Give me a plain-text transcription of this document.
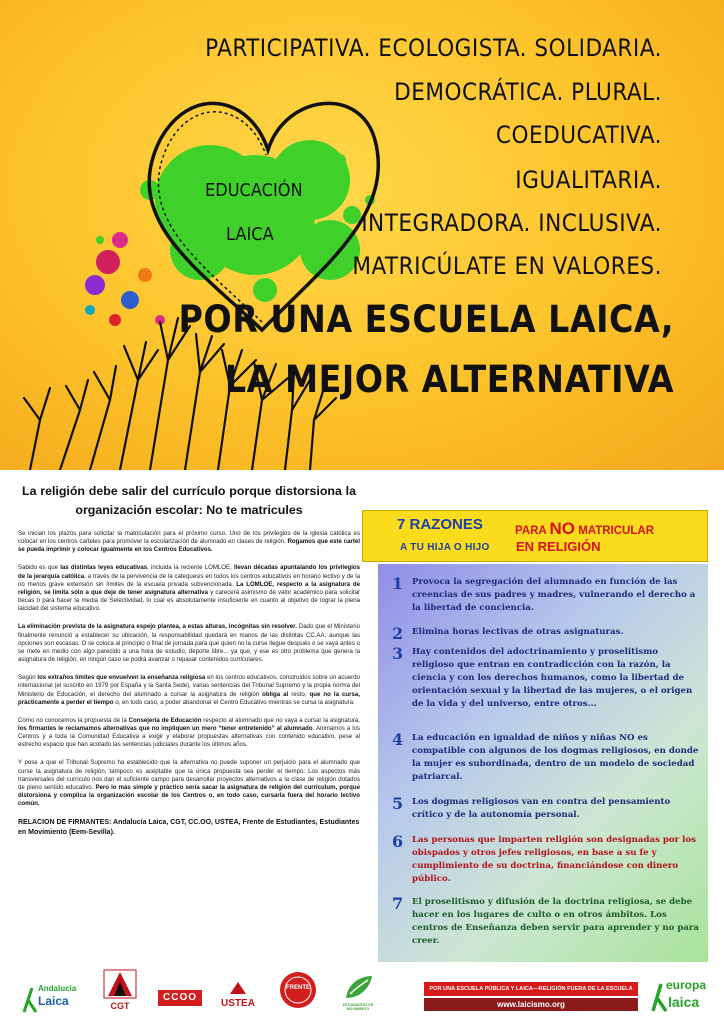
PARTICIPATIVA. ECOLOGISTA. SOLIDARIA.
DEMOCRÁTICA. PLURAL.
COEDUCATIVA.
IGUALITARIA.
INTEGRADORA. INCLUSIVA.
MATRICÚLATE EN VALORES.
EDUCACIÓN
LAICA
POR UNA ESCUELA LAICA,
LA MEJOR ALTERNATIVA
La religión debe salir del currículo porque distorsiona la organización escolar: No te matricules

Se inician los plazos para solicitar la matriculación para el próximo curso. Uno de los privilegios de la iglesia católica es colocar en los centros carteles para promover la escolarización de alumnado en clases de religión. Rogamos que este cartel se pueda imprimir y colocar igualmente en los Centros Educativos.

Sabido es que las distintas leyes educativas, incluida la reciente LOMLOE, llevan décadas apuntalando los privilegios de la jerarquía católica, a través de la pervivencia de la catequesis en todos los centros educativos en horario lectivo y de la no menos grave extensión sin límites de la escuela privada subvencionada. La LOMLOE, respecto a la asignatura de religión, se limita sólo a que deje de tener asignatura alternativa y carecerá asimismo de valor académico para solicitar becas o para hacer la media de Selectividad, lo cual es absolutamente insuficiente en cuanto al objetivo de lograr la plena laicidad del sistema educativo.

La eliminación prevista de la asignatura espejo plantea, a estas alturas, incógnitas sin resolver. Dado que el Ministerio finalmente renunció a establecer su ubicación, la responsabilidad quedará en manos de las distintas CC.AA; aunque las opciones son escasas: O se coloca al principio o final de jornada para que quien no la curse llegue después o se vaya antes o se mete en medio con algo parecido a una hora de estudio, deporte libre... ya que, y ese es otro problema que genera la asignatura de religión, en ningún caso se podrá avanzar o repasar contenidos curriculares.

Según los extraños límites que envuelven la enseñanza religiosa en los centros educativos, construidos sobre un acuerdo internacional (el suscrito en 1979 por España y la Santa Sede), varias sentencias del Tribunal Supremo y la propia norma del Ministerio de Educación, el derecho del alumnado a cursar la asignatura de religión obliga al resto, que no la cursa, prácticamente a perder el tiempo o, en todo caso, a poder abandonar el Centro Educativo mientras se cursa la asignatura.

Como no conocemos la propuesta de la Consejería de Educación respecto al alumnado que no vaya a cursar la asignatura, los firmantes le reclamamos alternativas que no impliquen un mero “tener entretenido” al alumnado. Animamos a los Centros y a toda la Comunidad Educativa a exigir y elaborar propuestas alternativas con contenido educativo, pese al estrecho espacio que han acotado las sentencias judiciales durante los últimos años.

Y pese a que el Tribunal Supremo ha establecido que la alternativa no puede suponer un perjuicio para el alumnado que curse la asignatura de religión, tampoco es aceptable que la única propuesta sea perder el tiempo: Los aspectos más transversales del currículo nos dan el suficiente campo para desarrollar proyectos alternativos a la clase de religión dotados de pleno sentido educativo. Pero lo más simple y práctico sería sacar la asignatura de religión del currículum, porque distorsiona y complica la organización escolar de los Centros o, en todo caso, cursarla fuera del horario lectivo común.

RELACION DE FIRMANTES: Andalucía Laica, CGT, CC.OO, USTEA, Frente de Estudiantes, Estudiantes en Movimiento (Eem-Sevilla).

7 RAZONES	PARA NO MATRICULAR
A TU HIJA O HIJO EN RELIGIÓN
1 Provoca la segregación del alumnado en función de las creencias de sus padres y madres, vulnerando el derecho a la libertad de conciencia.
2 Elimina horas lectivas de otras asignaturas.
3 Hay contenidos del adoctrinamiento y proselitismo religioso que entran en contradicción con la razón, la ciencia y con los derechos humanos, como la libertad de orientación sexual y la libertad de las mujeres, o el origen de la vida y del universo, entre otros...
4 La educación en igualdad de niños y niñas NO es compatible con algunos de los dogmas religiosos, en donde la mujer es subordinada, dentro de un modelo de sociedad patriarcal.
5 Los dogmas religiosos van en contra del pensamiento crítico y de la autonomía personal.
6 Las personas que imparten religión son designadas por los obispados y otros jefes religiosos, en base a su fe y cumplimiento de su doctrina, financiándose con dinero público.
7 El proselitismo y difusión de la doctrina religiosa, se debe hacer en los lugares de culto o en otros ámbitos. Los centros de Enseñanza deben servir para aprender y no para creer.
Andalucía
Laica	CGT
CCOO
USTEA
FRENTE
ESTUDIANTES EN MOVIMIENTO
POR UNA ESCUELA PÚBLICA Y LAICA—RELIGIÓN FUERA DE LA ESCUELA
www.laicismo.org
europa
laica
